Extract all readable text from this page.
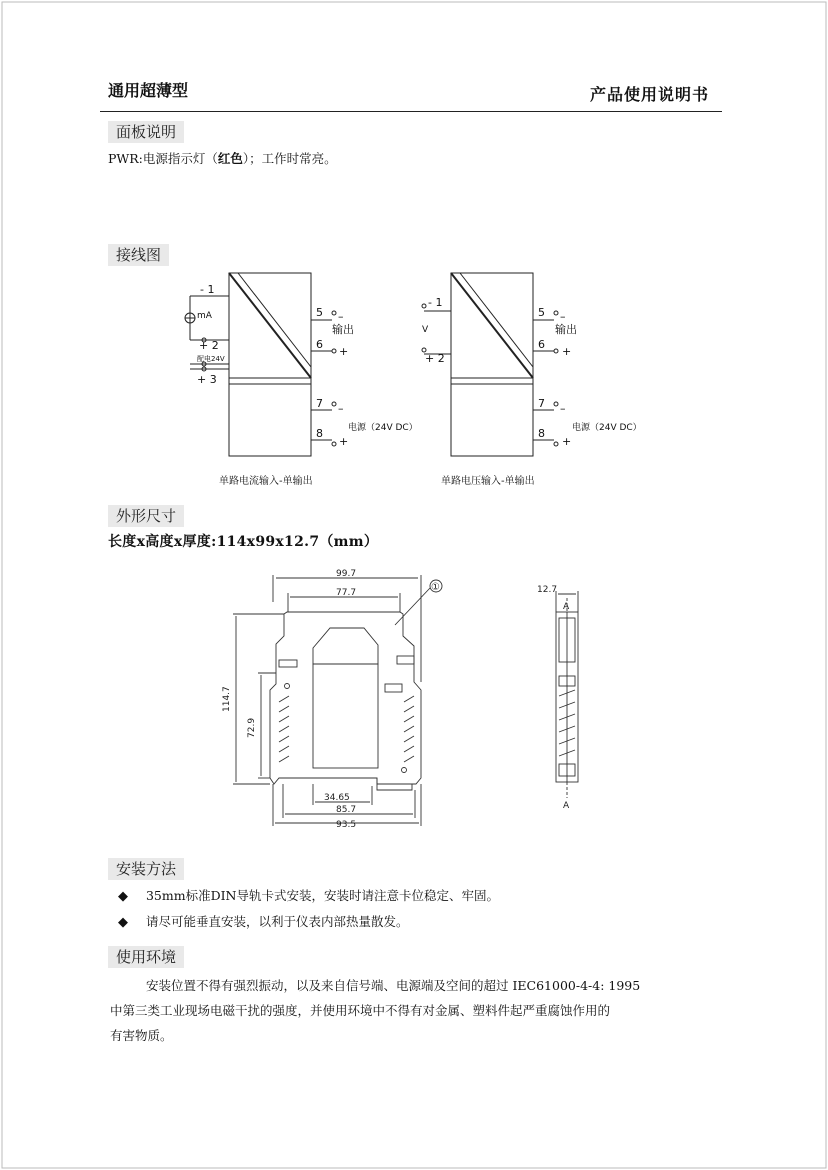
通用超薄型	产品使用说明书
面板说明
PWR:电源指示灯（红色）；工作时常亮。
接线图
- 1
mA
+ 2
配电24V
+ 3
5 –
输出
6
+
7 –
电源（24V DC）
8
+
单路电流输入-单输出
- 1
V
+ 2
5 –
输出
6
+
7 –
电源（24V DC）
8
+
单路电压输入-单输出
外形尺寸
长度x高度x厚度:114x99x12.7（mm）
99.7
77.7	①
114.7
72.9
34.65
85.7
93.5
12.7
A
A
安装方法
◆ 35mm标准DIN导轨卡式安装，安装时请注意卡位稳定、牢固。
◆ 请尽可能垂直安装，以利于仪表内部热量散发。
使用环境
安装位置不得有强烈振动，以及来自信号端、电源端及空间的超过 IEC61000-4-4: 1995
中第三类工业现场电磁干扰的强度，并使用环境中不得有对金属、塑料件起严重腐蚀作用的
有害物质。
